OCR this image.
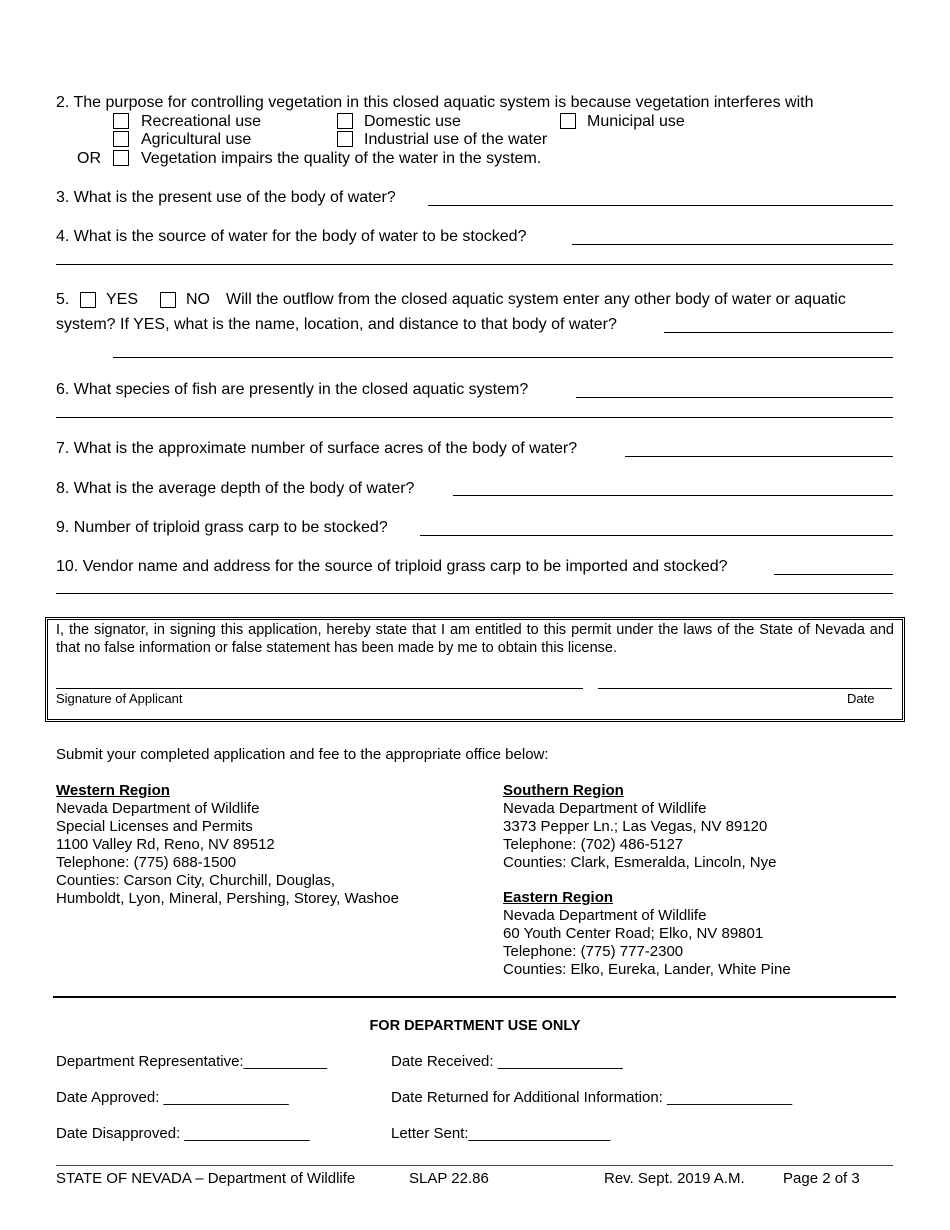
2. The purpose for controlling vegetation in this closed aquatic system is because vegetation interferes with
Recreational use	Domestic use	Municipal use
Agricultural use	Industrial use of the water
OR	Vegetation impairs the quality of the water in the system.
3. What is the present use of the body of water?
4. What is the source of water for the body of water to be stocked?
5. YES	NO Will the outflow from the closed aquatic system enter any other body of water or aquatic
system? If YES, what is the name, location, and distance to that body of water?
6. What species of fish are presently in the closed aquatic system?
7. What is the approximate number of surface acres of the body of water?
8. What is the average depth of the body of water?
9. Number of triploid grass carp to be stocked?
10. Vendor name and address for the source of triploid grass carp to be imported and stocked?
I, the signator, in signing this application, hereby state that I am entitled to this permit under the laws of the State of Nevada and that no false information or false statement has been made by me to obtain this license.
Signature of Applicant	Date
Submit your completed application and fee to the appropriate office below:
Western Region
Nevada Department of Wildlife
Special Licenses and Permits
1100 Valley Rd, Reno, NV 89512
Telephone: (775) 688-1500
Counties: Carson City, Churchill, Douglas,
Humboldt, Lyon, Mineral, Pershing, Storey, Washoe
Southern Region
Nevada Department of Wildlife
3373 Pepper Ln.; Las Vegas, NV 89120
Telephone: (702) 486-5127
Counties: Clark, Esmeralda, Lincoln, Nye
Eastern Region
Nevada Department of Wildlife
60 Youth Center Road; Elko, NV 89801
Telephone: (775) 777-2300
Counties: Elko, Eureka, Lander, White Pine
FOR DEPARTMENT USE ONLY
Department Representative:__________	Date Received: _______________
Date Approved: _______________	Date Returned for Additional Information: _______________
Date Disapproved: _______________	Letter Sent:_________________
STATE OF NEVADA – Department of Wildlife	SLAP 22.86	Rev. Sept. 2019 A.M.	Page 2 of 3
